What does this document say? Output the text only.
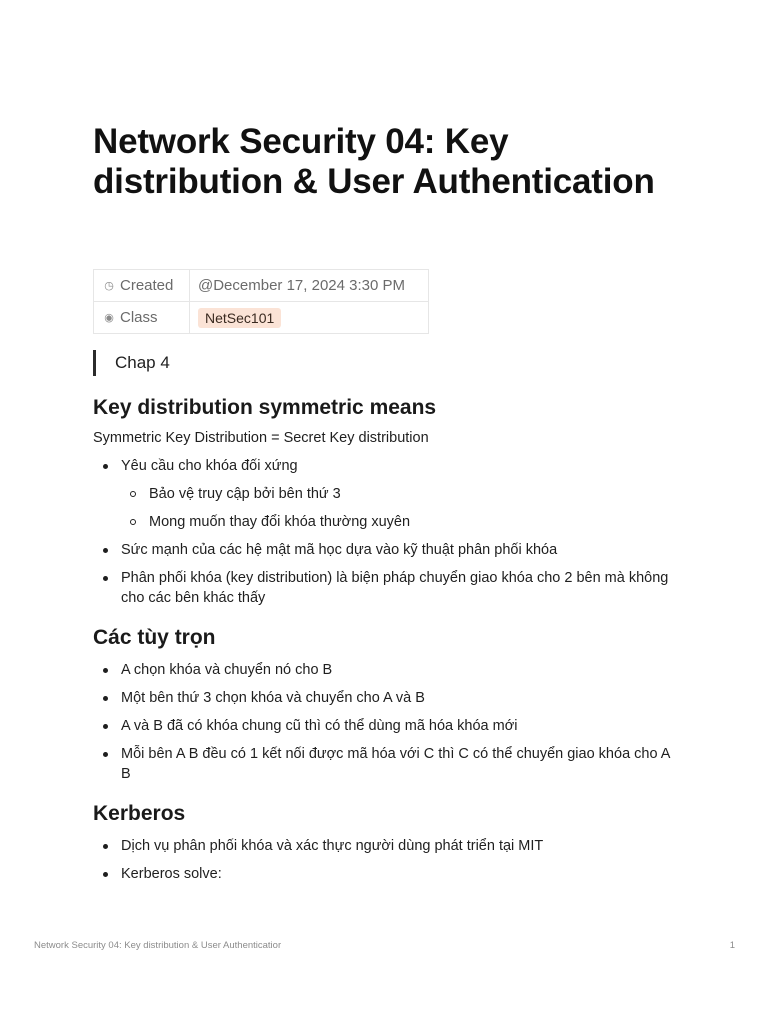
Network Security 04: Key distribution & User Authentication
◷ Created	@December 17, 2024 3:30 PM
◉ Class	NetSec101
Chap 4
Key distribution symmetric means

Symmetric Key Distribution = Secret Key distribution

Yêu cầu cho khóa đối xứng
Bảo vệ truy cập bởi bên thứ 3
Mong muốn thay đổi khóa thường xuyên
Sức mạnh của các hệ mật mã học dựa vào kỹ thuật phân phối khóa
Phân phối khóa (key distribution) là biện pháp chuyển giao khóa cho 2 bên mà không cho các bên khác thấy
Các tùy trọn
A chọn khóa và chuyển nó cho B
Một bên thứ 3 chọn khóa và chuyển cho A và B
A và B đã có khóa chung cũ thì có thể dùng mã hóa khóa mới
Mỗi bên A B đều có 1 kết nối được mã hóa với C thì C có thể chuyển giao khóa cho A B
Kerberos
Dịch vụ phân phối khóa và xác thực người dùng phát triển tại MIT
Kerberos solve:
Network Security 04: Key distribution & User Authenticatior	1
